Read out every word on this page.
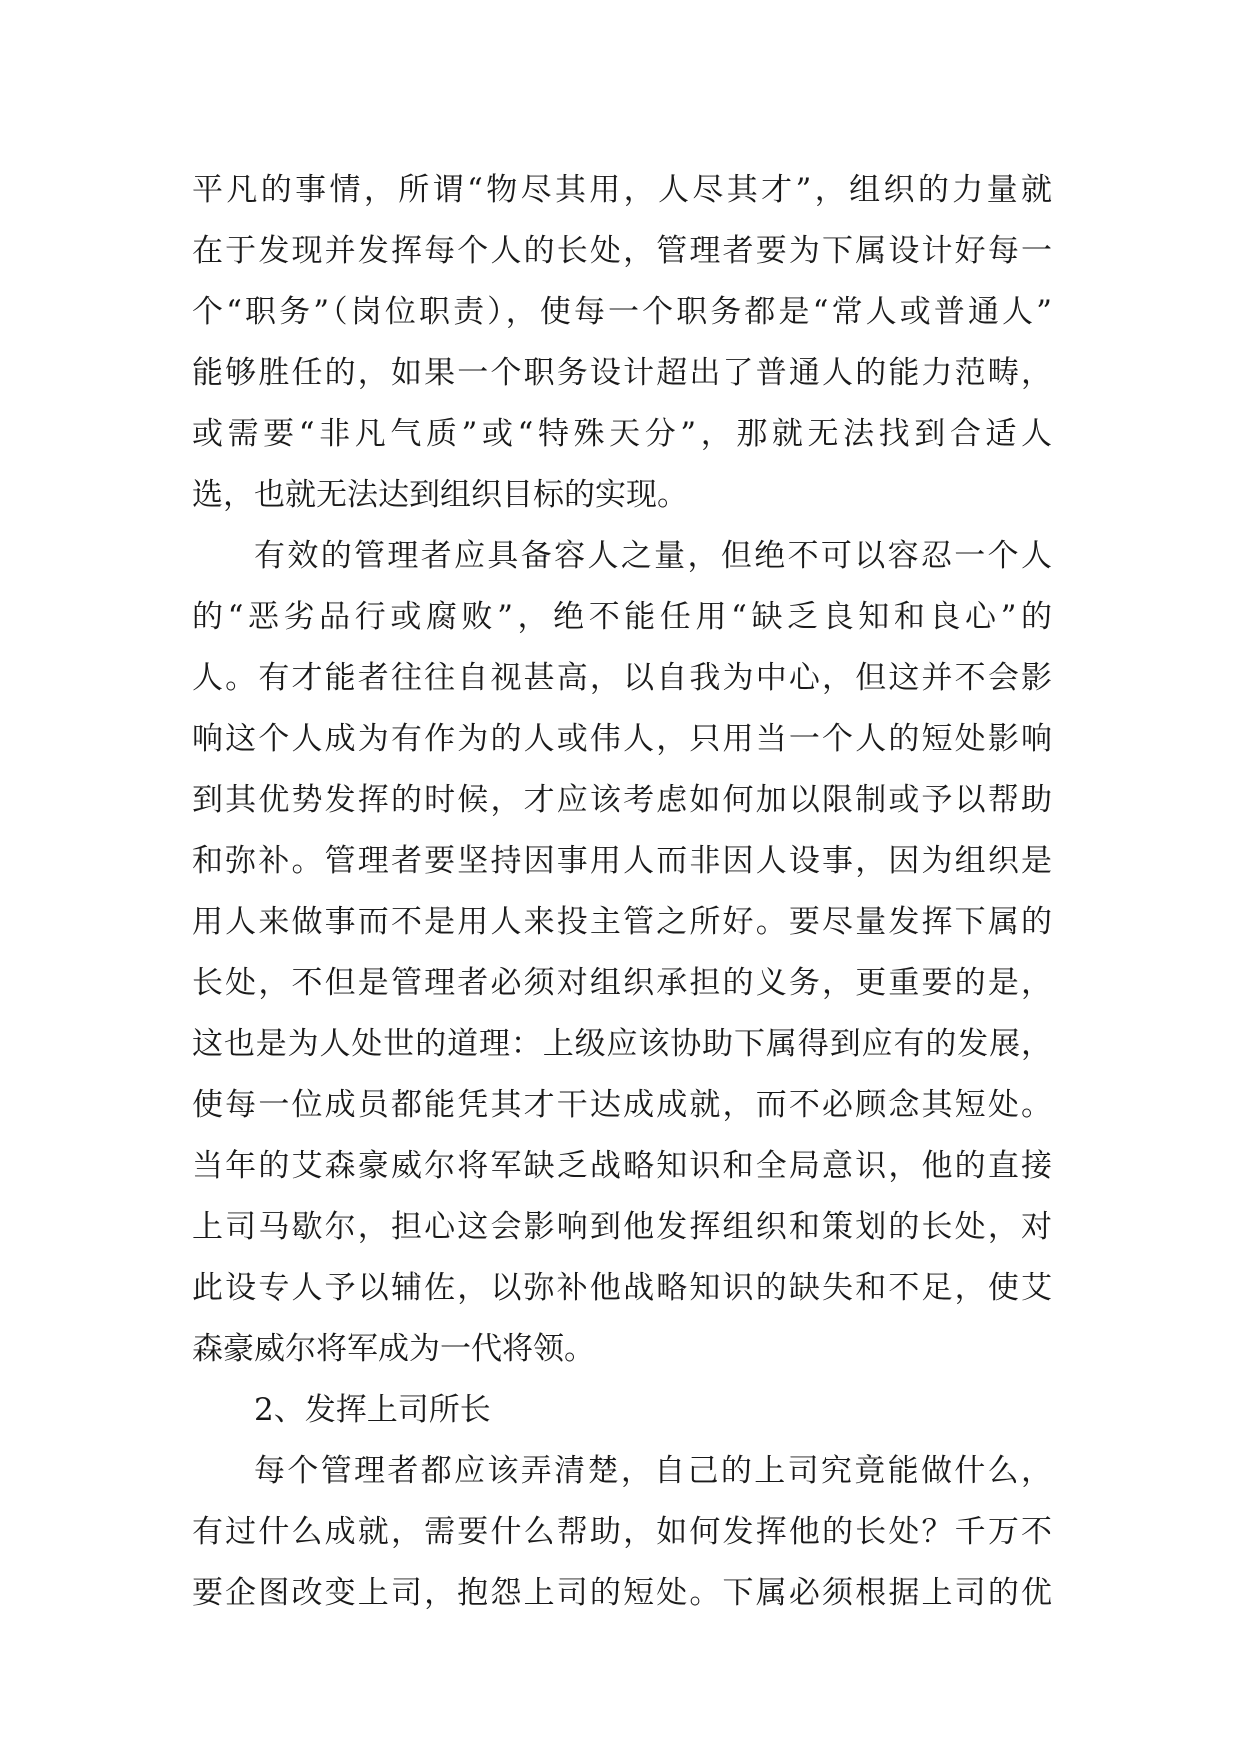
平凡的事情，所谓“物尽其用，人尽其才”，组织的力量就
在于发现并发挥每个人的长处，管理者要为下属设计好每一
个“职务”（岗位职责），使每一个职务都是“常人或普通人”
能够胜任的，如果一个职务设计超出了普通人的能力范畴，
或需要“非凡气质”或“特殊天分”，那就无法找到合适人
选，也就无法达到组织目标的实现。
有效的管理者应具备容人之量，但绝不可以容忍一个人
的“恶劣品行或腐败”，绝不能任用“缺乏良知和良心”的
人。有才能者往往自视甚高，以自我为中心，但这并不会影
响这个人成为有作为的人或伟人，只用当一个人的短处影响
到其优势发挥的时候，才应该考虑如何加以限制或予以帮助
和弥补。管理者要坚持因事用人而非因人设事，因为组织是
用人来做事而不是用人来投主管之所好。要尽量发挥下属的
长处，不但是管理者必须对组织承担的义务，更重要的是，
这也是为人处世的道理：上级应该协助下属得到应有的发展，
使每一位成员都能凭其才干达成成就，而不必顾念其短处。
当年的艾森豪威尔将军缺乏战略知识和全局意识，他的直接
上司马歇尔，担心这会影响到他发挥组织和策划的长处，对
此设专人予以辅佐，以弥补他战略知识的缺失和不足，使艾
森豪威尔将军成为一代将领。
2、发挥上司所长
每个管理者都应该弄清楚，自己的上司究竟能做什么，
有过什么成就，需要什么帮助，如何发挥他的长处？千万不
要企图改变上司，抱怨上司的短处。下属必须根据上司的优
